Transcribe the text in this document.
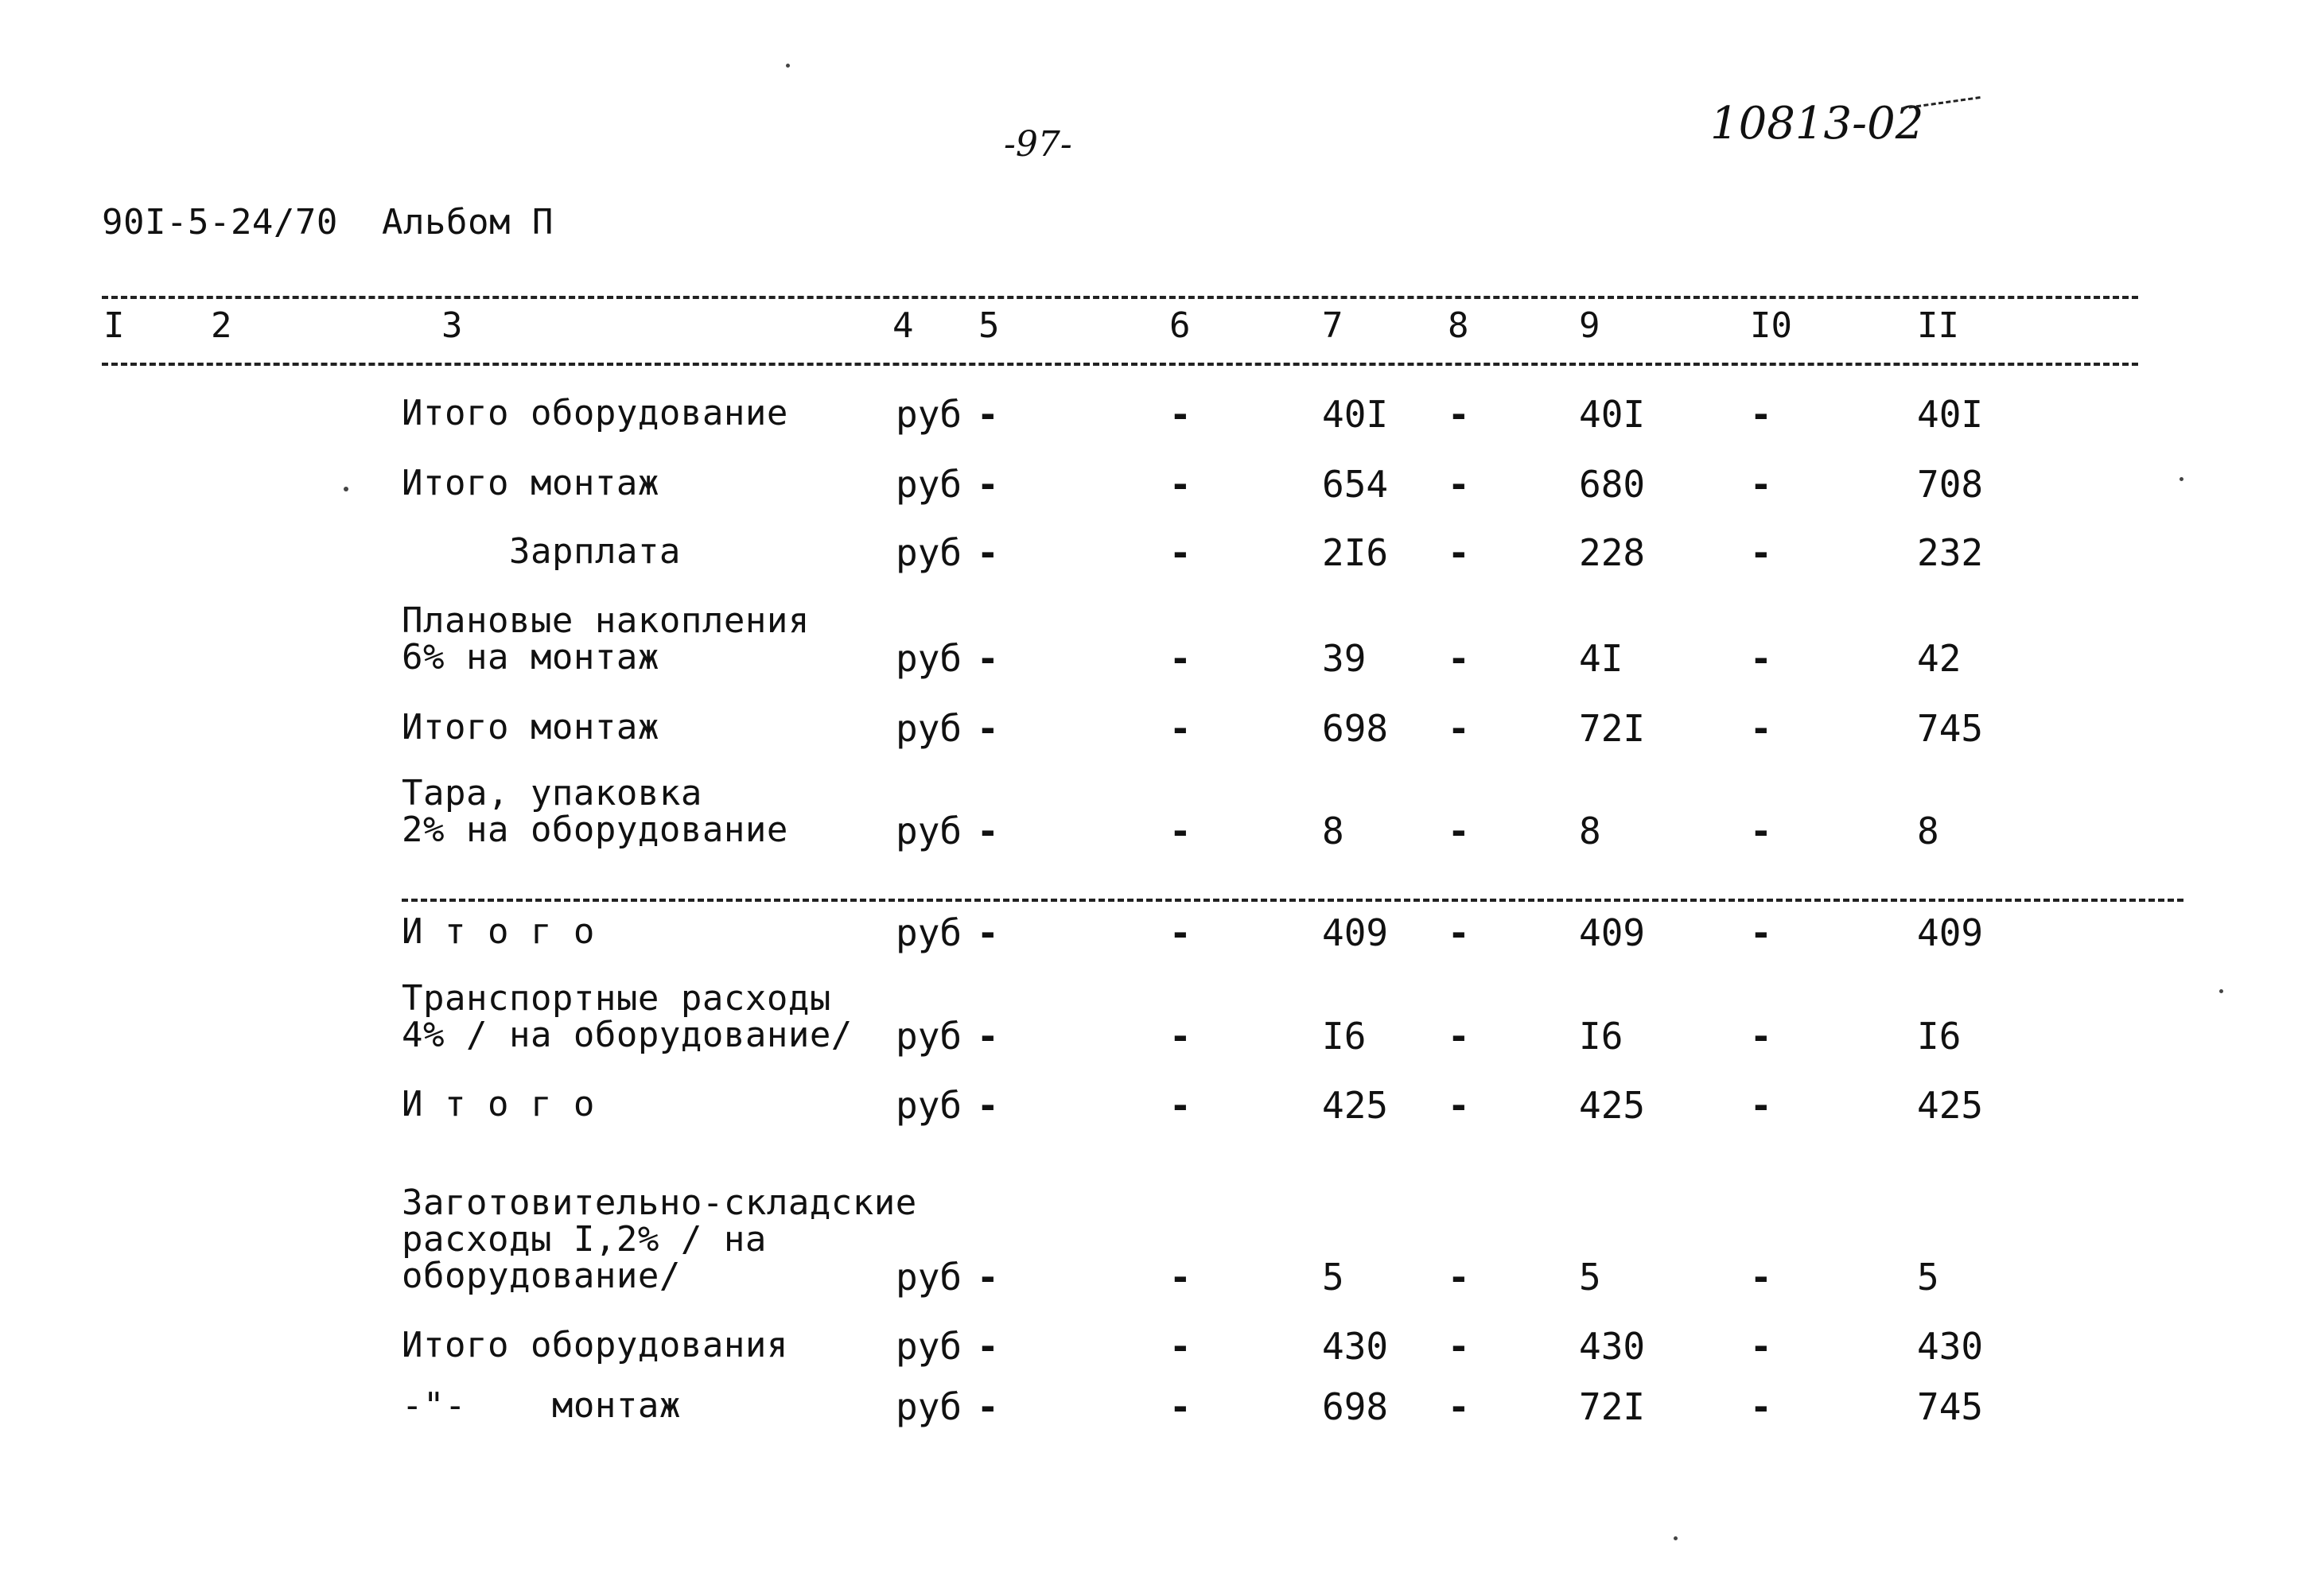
-97-	10813-02
90I-5-24/70 Альбом П
I 2	3	4 5	6	7	8	9	I0	II
Итого оборудование	руб -	-	40I -	40I	-	40I
Итого монтаж	руб -	-	654 -	680	-	708
Зарплата	руб -	-	2I6 -	228	-	232
Плановые накопления
6% на монтаж	руб -	-	39 -	4I	-	42
Итого монтаж	руб -	-	698 -	72I	-	745
Тара, упаковка
2% на оборудование	руб -	-	8	-	8	-	8
И т о г о	руб -	-	409 -	409	-	409
Транспортные расходы
4% / на оборудование/ руб -	-	I6 -	I6	-	I6
И т о г о	руб -	-	425 -	425	-	425
Заготовительно-складские
расходы I,2% / на
оборудование/	руб -	-	5	-	5	-	5
Итого оборудования	руб -	-	430 -	430	-	430
-"-    монтаж	руб -	-	698 -	72I	-	745
